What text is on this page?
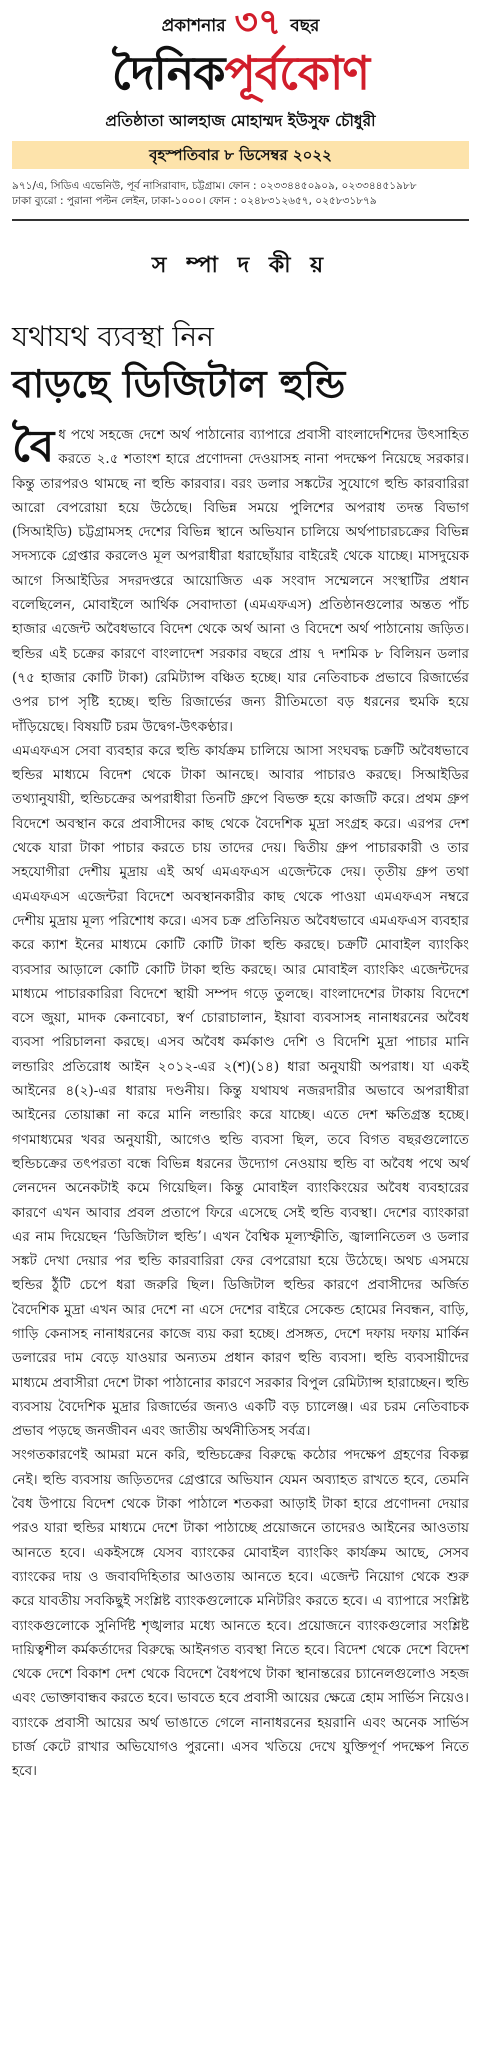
প্রকাশনার ৩৭ বছর

দৈনিকপূর্বকোণ

প্রতিষ্ঠাতা আলহাজ মোহাম্মদ ইউসুফ চৌধুরী

বৃহস্পতিবার ৮ ডিসেম্বর ২০২২
৯৭১/এ, সিডিএ এভেনিউ, পূর্ব নাসিরাবাদ, চট্টগ্রাম। ফোন : ০২৩৩৪৪৫০৯০৯, ০২৩৩৪৪৫১৯৮৮
ঢাকা ব্যুরো : পুরানা পল্টন লেইন, ঢাকা-১০০০। ফোন : ০২৪৮৩১২৬৫৭, ০২৫৮৩১৮৭৯
স ম্পা দ কী য়
যথাযথ ব্যবস্থা নিন
বাড়ছে ডিজিটাল হুন্ডি

বৈধ পথে সহজে দেশে অর্থ পাঠানোর ব্যাপারে প্রবাসী বাংলাদেশিদের উৎসাহিত করতে ২.৫ শতাংশ হারে প্রণোদনা দেওয়াসহ নানা পদক্ষেপ নিয়েছে সরকার। কিন্তু তারপরও থামছে না হুন্ডি কারবার। বরং ডলার সঙ্কটের সুযোগে হুন্ডি কারবারিরা আরো বেপরোয়া হয়ে উঠেছে। বিভিন্ন সময়ে পুলিশের অপরাধ তদন্ত বিভাগ (সিআইডি) চট্টগ্রামসহ দেশের বিভিন্ন স্থানে অভিযান চালিয়ে অর্থপাচারচক্রের বিভিন্ন সদস্যকে গ্রেপ্তার করলেও মূল অপরাধীরা ধরাছোঁয়ার বাইরেই থেকে যাচ্ছে। মাসদুয়েক আগে সিআইডির সদরদপ্তরে আয়োজিত এক সংবাদ সম্মেলনে সংস্থাটির প্রধান বলেছিলেন, মোবাইলে আর্থিক সেবাদাতা (এমএফএস) প্রতিষ্ঠানগুলোর অন্তত পাঁচ হাজার এজেন্ট অবৈধভাবে বিদেশ থেকে অর্থ আনা ও বিদেশে অর্থ পাঠানোয় জড়িত। হুন্ডির এই চক্রের কারণে বাংলাদেশ সরকার বছরে প্রায় ৭ দশমিক ৮ বিলিয়ন ডলার (৭৫ হাজার কোটি টাকা) রেমিট্যান্স বঞ্চিত হচ্ছে। যার নেতিবাচক প্রভাবে রিজার্ভের ওপর চাপ সৃষ্টি হচ্ছে। হুন্ডি রিজার্ভের জন্য রীতিমতো বড় ধরনের হুমকি হয়ে দাঁড়িয়েছে। বিষয়টি চরম উদ্বেগ-উৎকণ্ঠার।

এমএফএস সেবা ব্যবহার করে হুন্ডি কার্যক্রম চালিয়ে আসা সংঘবদ্ধ চক্রটি অবৈধভাবে হুন্ডির মাধ্যমে বিদেশ থেকে টাকা আনছে। আবার পাচারও করছে। সিআইডির তথ্যানুযায়ী, হুন্ডিচক্রের অপরাধীরা তিনটি গ্রুপে বিভক্ত হয়ে কাজটি করে। প্রথম গ্রুপ বিদেশে অবস্থান করে প্রবাসীদের কাছ থেকে বৈদেশিক মুদ্রা সংগ্রহ করে। এরপর দেশ থেকে যারা টাকা পাচার করতে চায় তাদের দেয়। দ্বিতীয় গ্রুপ পাচারকারী ও তার সহযোগীরা দেশীয় মুদ্রায় এই অর্থ এমএফএস এজেন্টকে দেয়। তৃতীয় গ্রুপ তথা এমএফএস এজেন্টরা বিদেশে অবস্থানকারীর কাছ থেকে পাওয়া এমএফএস নম্বরে দেশীয় মুদ্রায় মূল্য পরিশোধ করে। এসব চক্র প্রতিনিয়ত অবৈধভাবে এমএফএস ব্যবহার করে ক্যাশ ইনের মাধ্যমে কোটি কোটি টাকা হুন্ডি করছে। চক্রটি মোবাইল ব্যাংকিং ব্যবসার আড়ালে কোটি কোটি টাকা হুন্ডি করছে। আর মোবাইল ব্যাংকিং এজেন্টদের মাধ্যমে পাচারকারিরা বিদেশে স্থায়ী সম্পদ গড়ে তুলছে। বাংলাদেশের টাকায় বিদেশে বসে জুয়া, মাদক কেনাবেচা, স্বর্ণ চোরাচালান, ইয়াবা ব্যবসাসহ নানাধরনের অবৈধ ব্যবসা পরিচালনা করছে। এসব অবৈধ কর্মকাণ্ড দেশি ও বিদেশি মুদ্রা পাচার মানি লন্ডারিং প্রতিরোধ আইন ২০১২-এর ২(শ)(১৪) ধারা অনুযায়ী অপরাধ। যা একই আইনের ৪(২)-এর ধারায় দণ্ডনীয়। কিন্তু যথাযথ নজরদারীর অভাবে অপরাধীরা আইনের তোয়াক্কা না করে মানি লন্ডারিং করে যাচ্ছে। এতে দেশ ক্ষতিগ্রস্ত হচ্ছে। গণমাধ্যমের খবর অনুযায়ী, আগেও হুন্ডি ব্যবসা ছিল, তবে বিগত বছরগুলোতে হুন্ডিচক্রের তৎপরতা বন্ধে বিভিন্ন ধরনের উদ্যোগ নেওয়ায় হুন্ডি বা অবৈধ পথে অর্থ লেনদেন অনেকটাই কমে গিয়েছিল। কিন্তু মোবাইল ব্যাংকিংয়ের অবৈধ ব্যবহারের কারণে এখন আবার প্রবল প্রতাপে ফিরে এসেছে সেই হুন্ডি ব্যবস্থা। দেশের ব্যাংকারা এর নাম দিয়েছেন ‘ডিজিটাল হুন্ডি’। এখন বৈশ্বিক মূল্যস্ফীতি, জ্বালানিতেল ও ডলার সঙ্কট দেখা দেয়ার পর হুন্ডি কারবারিরা ফের বেপরোয়া হয়ে উঠেছে। অথচ এসময়ে হুন্ডির ঠুঁটি চেপে ধরা জরুরি ছিল। ডিজিটাল হুন্ডির কারণে প্রবাসীদের অর্জিত বৈদেশিক মুদ্রা এখন আর দেশে না এসে দেশের বাইরে সেকেন্ড হোমের নিবন্ধন, বাড়ি, গাড়ি কেনাসহ নানাধরনের কাজে ব্যয় করা হচ্ছে। প্রসঙ্গত, দেশে দফায় দফায় মার্কিন ডলারের দাম বেড়ে যাওয়ার অন্যতম প্রধান কারণ হুন্ডি ব্যবসা। হুন্ডি ব্যবসায়ীদের মাধ্যমে প্রবাসীরা দেশে টাকা পাঠানোর কারণে সরকার বিপুল রেমিট্যান্স হারাচ্ছেন। হুন্ডি ব্যবসায় বৈদেশিক মুদ্রার রিজার্ভের জন্যও একটি বড় চ্যালেঞ্জ। এর চরম নেতিবাচক প্রভাব পড়ছে জনজীবন এবং জাতীয় অর্থনীতিসহ সর্বত্র।

সংগতকারণেই আমরা মনে করি, হুন্ডিচক্রের বিরুদ্ধে কঠোর পদক্ষেপ গ্রহণের বিকল্প নেই। হুন্ডি ব্যবসায় জড়িতদের গ্রেপ্তারে অভিযান যেমন অব্যাহত রাখতে হবে, তেমনি বৈধ উপায়ে বিদেশ থেকে টাকা পাঠালে শতকরা আড়াই টাকা হারে প্রণোদনা দেয়ার পরও যারা হুন্ডির মাধ্যমে দেশে টাকা পাঠাচ্ছে প্রয়োজনে তাদেরও আইনের আওতায় আনতে হবে। একইসঙ্গে যেসব ব্যাংকের মোবাইল ব্যাংকিং কার্যক্রম আছে, সেসব ব্যাংকের দায় ও জবাবদিহিতার আওতায় আনতে হবে। এজেন্ট নিয়োগ থেকে শুরু করে যাবতীয় সবকিছুই সংশ্লিষ্ট ব্যাংকগুলোকে মনিটরিং করতে হবে। এ ব্যাপারে সংশ্লিষ্ট ব্যাংকগুলোকে সুনির্দিষ্ট শৃঙ্খলার মধ্যে আনতে হবে। প্রয়োজনে ব্যাংকগুলোর সংশ্লিষ্ট দায়িত্বশীল কর্মকর্তাদের বিরুদ্ধে আইনগত ব্যবস্থা নিতে হবে। বিদেশ থেকে দেশে বিদেশ থেকে দেশে বিকাশ দেশ থেকে বিদেশে বৈধপথে টাকা স্থানান্তরের চ্যানেলগুলোও সহজ এবং ভোক্তাবান্ধব করতে হবে। ভাবতে হবে প্রবাসী আয়ের ক্ষেত্রে হোম সার্ভিস নিয়েও। ব্যাংকে প্রবাসী আয়ের অর্থ ভাঙাতে গেলে নানাধরনের হয়রানি এবং অনেক সার্ভিস চার্জ কেটে রাখার অভিযোগও পুরনো। এসব খতিয়ে দেখে যুক্তিপূর্ণ পদক্ষেপ নিতে হবে।
